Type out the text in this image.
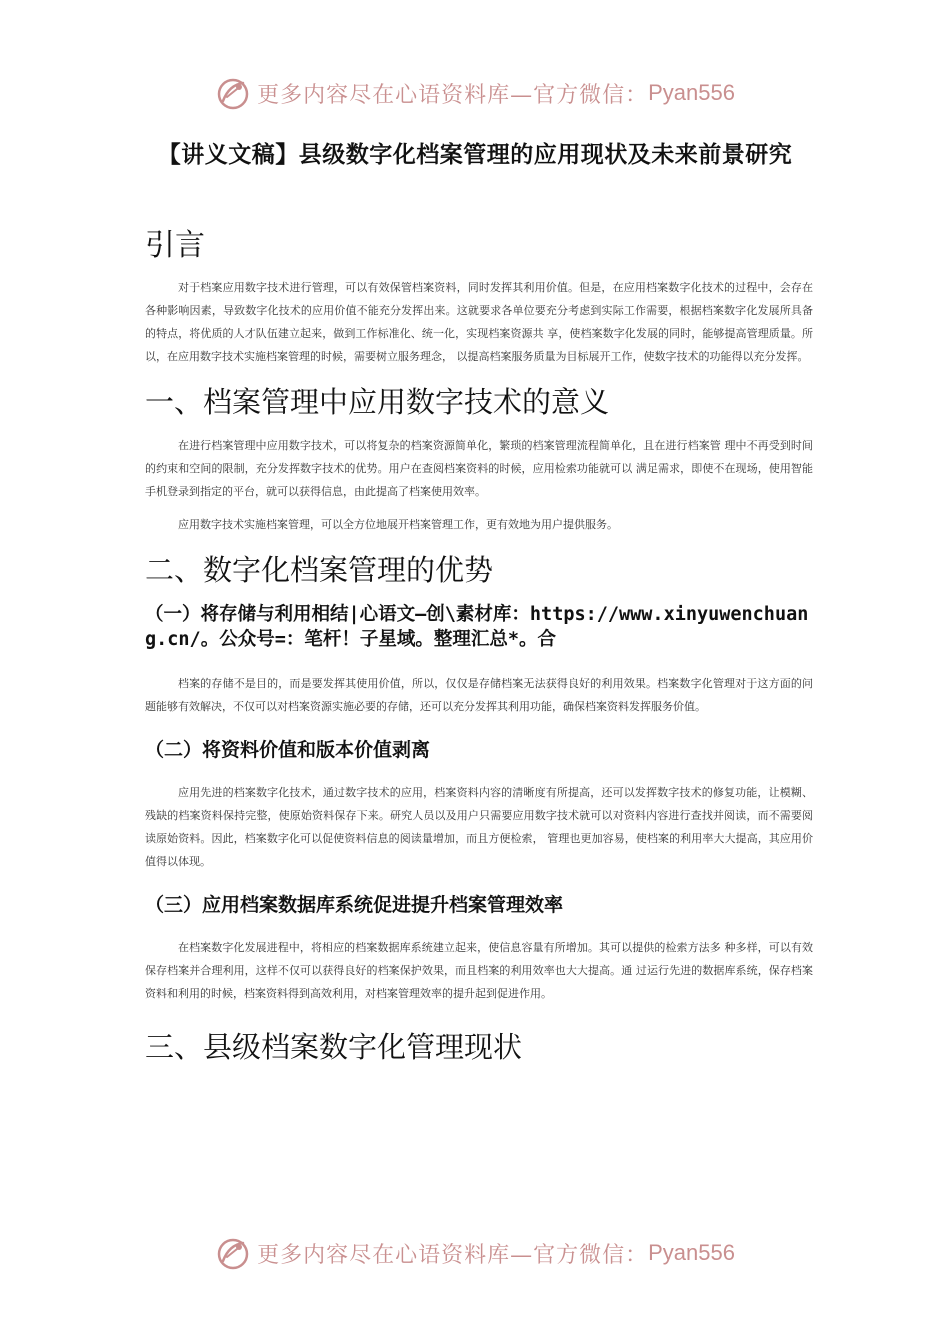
更多内容尽在心语资料库—官方微信： Pyan556
【讲义文稿】县级数字化档案管理的应用现状及未来前景研究
引言

对于档案应用数字技术进行管理，可以有效保管档案资料，同时发挥其利用价值。但是，在应用档案数字化技术的过程中，会存在各种影响因素，导致数字化技术的应用价值不能充分发挥出来。这就要求各单位要充分考虑到实际工作需要，根据档案数字化发展所具备的特点，将优质的人才队伍建立起来，做到工作标准化、统一化，实现档案资源共 享，使档案数字化发展的同时，能够提高管理质量。所以，在应用数字技术实施档案管理的时候，需要树立服务理念， 以提高档案服务质量为目标展开工作，使数字技术的功能得以充分发挥。

一、档案管理中应用数字技术的意义

在进行档案管理中应用数字技术，可以将复杂的档案资源简单化，繁琐的档案管理流程简单化，且在进行档案管 理中不再受到时间的约束和空间的限制，充分发挥数字技术的优势。用户在查阅档案资料的时候，应用检索功能就可以 满足需求，即使不在现场，使用智能手机登录到指定的平台，就可以获得信息，由此提高了档案使用效率。

应用数字技术实施档案管理，可以全方位地展开档案管理工作，更有效地为用户提供服务。

二、数字化档案管理的优势
（一）将存储与利用相结|心语文—创\素材库：https://www.xinyuwenchuang.cn/。公众号=：笔杆！子星域。整理汇总*。合

档案的存储不是目的，而是要发挥其使用价值，所以，仅仅是存储档案无法获得良好的利用效果。档案数字化管理对于这方面的问题能够有效解决，不仅可以对档案资源实施必要的存储，还可以充分发挥其利用功能，确保档案资料发挥服务价值。

（二）将资料价值和版本价值剥离

应用先进的档案数字化技术，通过数字技术的应用，档案资料内容的清晰度有所提高，还可以发挥数字技术的修复功能，让模糊、残缺的档案资料保持完整，使原始资料保存下来。研究人员以及用户只需要应用数字技术就可以对资料内容进行查找并阅读，而不需要阅读原始资料。因此，档案数字化可以促使资料信息的阅读量增加，而且方便检索， 管理也更加容易，使档案的利用率大大提高，其应用价值得以体现。

（三）应用档案数据库系统促进提升档案管理效率

在档案数字化发展进程中，将相应的档案数据库系统建立起来，使信息容量有所增加。其可以提供的检索方法多 种多样，可以有效保存档案并合理利用，这样不仅可以获得良好的档案保护效果，而且档案的利用效率也大大提高。通 过运行先进的数据库系统，保存档案资料和利用的时候，档案资料得到高效利用，对档案管理效率的提升起到促进作用。

三、县级档案数字化管理现状
更多内容尽在心语资料库—官方微信： Pyan556
